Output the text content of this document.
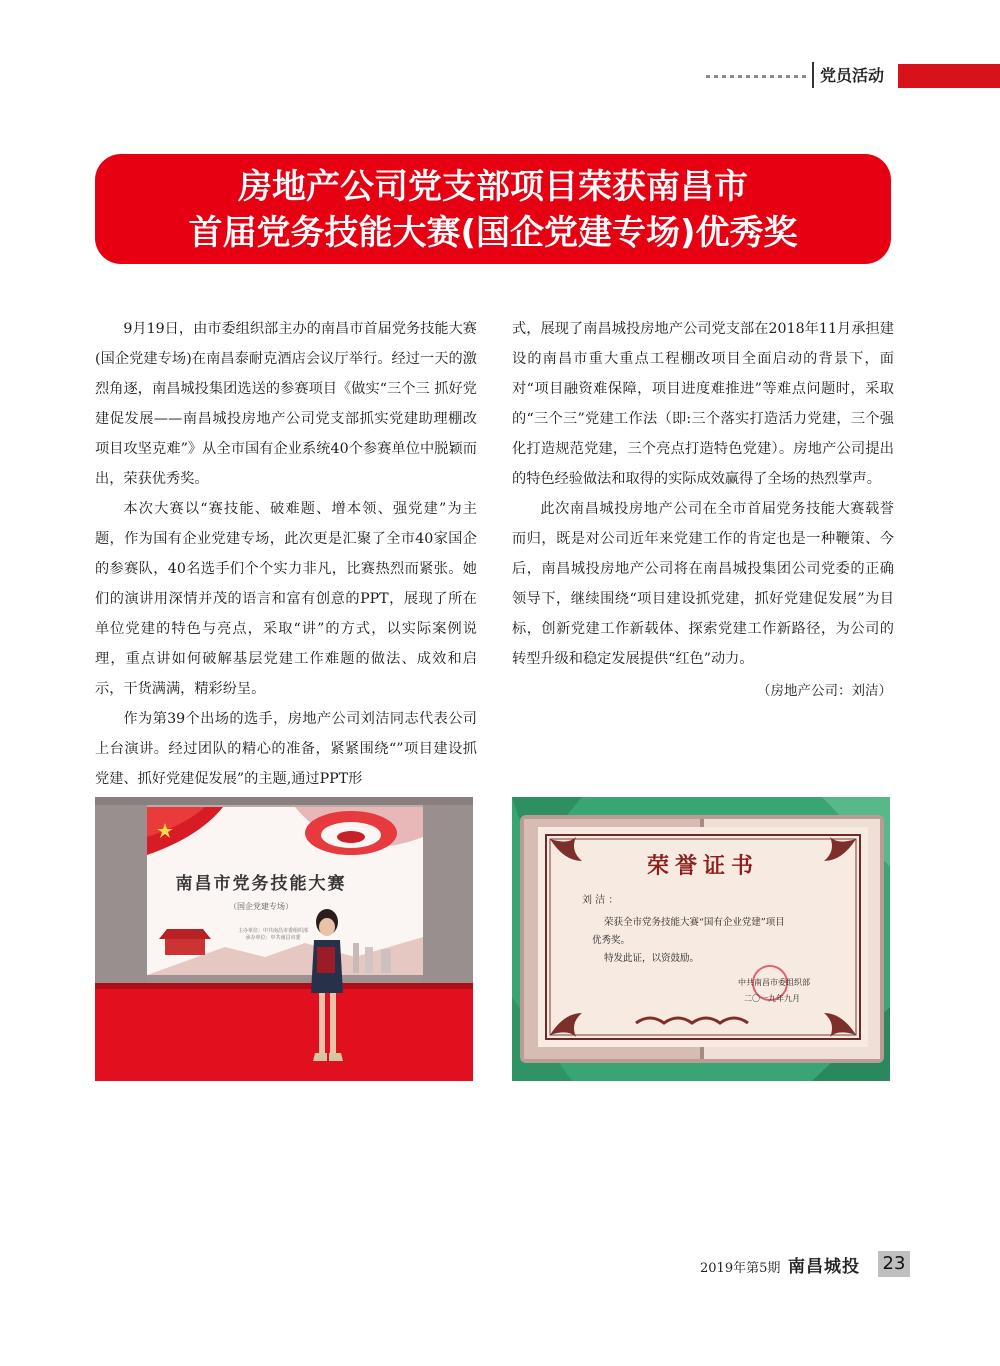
党员活动
房地产公司党支部项目荣获南昌市
首届党务技能大赛(国企党建专场)优秀奖

9月19日，由市委组织部主办的南昌市首届党务技能大赛(国企党建专场)在南昌泰耐克酒店会议厅举行。经过一天的激烈角逐，南昌城投集团选送的参赛项目《做实“三个三 抓好党建促发展——南昌城投房地产公司党支部抓实党建助理棚改项目攻坚克难”》从全市国有企业系统40个参赛单位中脱颖而出，荣获优秀奖。

本次大赛以“赛技能、破难题、增本领、强党建”为主题，作为国有企业党建专场，此次更是汇聚了全市40家国企的参赛队，40名选手们个个实力非凡，比赛热烈而紧张。她们的演讲用深情并茂的语言和富有创意的PPT，展现了所在单位党建的特色与亮点，采取“讲”的方式，以实际案例说理，重点讲如何破解基层党建工作难题的做法、成效和启示，干货满满，精彩纷呈。

作为第39个出场的选手，房地产公司刘洁同志代表公司上台演讲。经过团队的精心的准备，紧紧围绕“”项目建设抓党建、抓好党建促发展”的主题,通过PPT形

式，展现了南昌城投房地产公司党支部在2018年11月承担建设的南昌市重大重点工程棚改项目全面启动的背景下，面对“项目融资难保障，项目进度难推进”等难点问题时，采取的“三个三”党建工作法（即:三个落实打造活力党建，三个强化打造规范党建，三个亮点打造特色党建）。房地产公司提出的特色经验做法和取得的实际成效赢得了全场的热烈掌声。

此次南昌城投房地产公司在全市首届党务技能大赛载誉而归，既是对公司近年来党建工作的肯定也是一种鞭策、今后，南昌城投房地产公司将在南昌城投集团公司党委的正确领导下，继续围绕“项目建设抓党建，抓好党建促发展”为目标，创新党建工作新载体、探索党建工作新路径，为公司的转型升级和稳定发展提供“红色”动力。

（房地产公司：刘洁）

南昌市党务技能大赛
（国企党建专场）
主办单位：中共南昌市委组织部
承办单位：中共南昌市委
荣誉证书
刘 洁 ：
荣获全市党务技能大赛“国有企业党建”项目
优秀奖。
特发此证，以资鼓励。
中共南昌市委组织部
二〇一九年九月
2019年第5期 南昌城投 23
